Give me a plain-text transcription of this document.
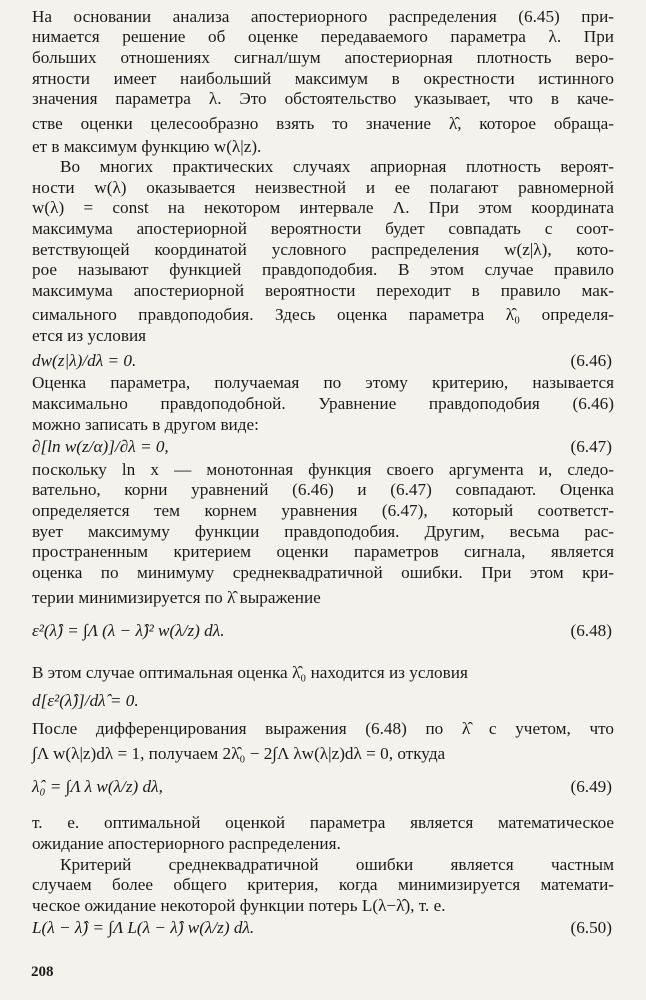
На основании анализа апостериорного распределения (6.45) при-
нимается решение об оценке передаваемого параметра λ. При
больших отношениях сигнал/шум апостериорная плотность веро-
ятности имеет наибольший максимум в окрестности истинного
значения параметра λ. Это обстоятельство указывает, что в каче-
стве оценки целесообразно взять то значение λ̂, которое обраща-
ет в максимум функцию w(λ|z).
Во многих практических случаях априорная плотность вероят-
ности w(λ) оказывается неизвестной и ее полагают равномерной
w(λ) = const на некотором интервале Λ. При этом координата
максимума апостериорной вероятности будет совпадать с соот-
ветствующей координатой условного распределения w(z|λ), кото-
рое называют функцией правдоподобия. В этом случае правило
максимума апостериорной вероятности переходит в правило мак-
симального правдоподобия. Здесь оценка параметра λ̂₀ определя-
ется из условия
dw(z|λ)/dλ = 0.	(6.46)
Оценка параметра, получаемая по этому критерию, называется
максимально правдоподобной. Уравнение правдоподобия (6.46)
можно записать в другом виде:
∂[ln w(z/α)]/∂λ = 0,	(6.47)
поскольку ln x — монотонная функция своего аргумента и, следо-
вательно, корни уравнений (6.46) и (6.47) совпадают. Оценка
определяется тем корнем уравнения (6.47), который соответст-
вует максимуму функции правдоподобия. Другим, весьма рас-
пространенным критерием оценки параметров сигнала, является
оценка по минимуму среднеквадратичной ошибки. При этом кри-
терии минимизируется по λ̂ выражение
ε²(λ̂) = ∫Λ (λ − λ̂)² w(λ/z) dλ.	(6.48)
В этом случае оптимальная оценка λ̂₀ находится из условия
d[ε²(λ̂)]/dλ̂ = 0.
После дифференцирования выражения (6.48) по λ̂ с учетом, что
∫Λ w(λ|z)dλ = 1, получаем 2λ̂₀ − 2∫Λ λw(λ|z)dλ = 0, откуда
λ̂₀ = ∫Λ λ w(λ/z) dλ,	(6.49)
т. е. оптимальной оценкой параметра является математическое
ожидание апостериорного распределения.
Критерий среднеквадратичной ошибки является частным
случаем более общего критерия, когда минимизируется математи-
ческое ожидание некоторой функции потерь L(λ−λ̂), т. е.
L(λ − λ̂) = ∫Λ L(λ − λ̂) w(λ/z) dλ.	(6.50)
208
